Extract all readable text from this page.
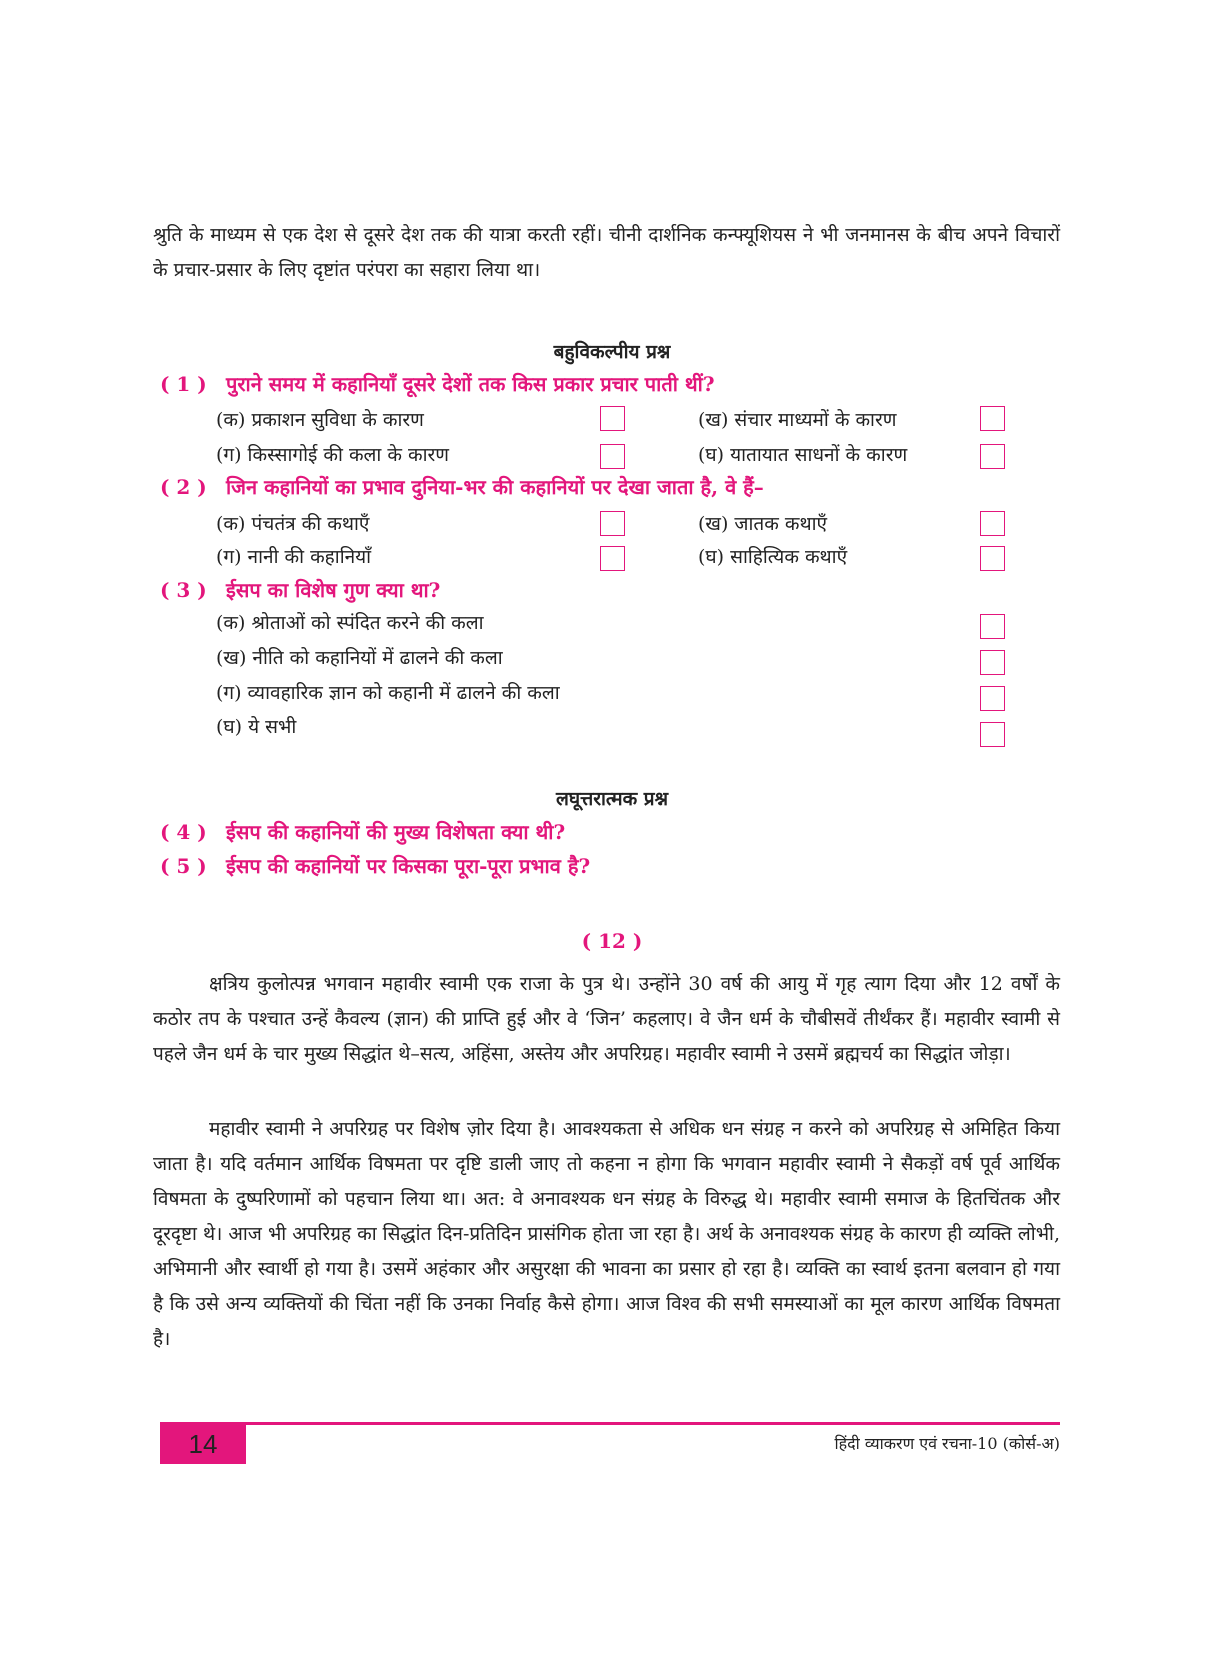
श्रुति के माध्यम से एक देश से दूसरे देश तक की यात्रा करती रहीं। चीनी दार्शनिक कन्फ्यूशियस ने भी जनमानस के बीच अपने विचारों के प्रचार-प्रसार के लिए दृष्टांत परंपरा का सहारा लिया था।

बहुविकल्पीय प्रश्न
( 1 ) पुराने समय में कहानियाँ दूसरे देशों तक किस प्रकार प्रचार पाती थीं?
(क) प्रकाशन सुविधा के कारण	(ख) संचार माध्यमों के कारण
(ग) किस्सागोई की कला के कारण	(घ) यातायात साधनों के कारण
( 2 ) जिन कहानियों का प्रभाव दुनिया-भर की कहानियों पर देखा जाता है, वे हैं–
(क) पंचतंत्र की कथाएँ	(ख) जातक कथाएँ
(ग) नानी की कहानियाँ	(घ) साहित्यिक कथाएँ
( 3 ) ईसप का विशेष गुण क्या था?
(क) श्रोताओं को स्पंदित करने की कला
(ख) नीति को कहानियों में ढालने की कला
(ग) व्यावहारिक ज्ञान को कहानी में ढालने की कला
(घ) ये सभी
लघूत्तरात्मक प्रश्न
( 4 ) ईसप की कहानियों की मुख्य विशेषता क्या थी?
( 5 ) ईसप की कहानियों पर किसका पूरा-पूरा प्रभाव है?
( 12 )

क्षत्रिय कुलोत्पन्न भगवान महावीर स्वामी एक राजा के पुत्र थे। उन्होंने 30 वर्ष की आयु में गृह त्याग दिया और 12 वर्षों के कठोर तप के पश्चात उन्हें कैवल्य (ज्ञान) की प्राप्ति हुई और वे ‘जिन’ कहलाए। वे जैन धर्म के चौबीसवें तीर्थंकर हैं। महावीर स्वामी से पहले जैन धर्म के चार मुख्य सिद्धांत थे–सत्य, अहिंसा, अस्तेय और अपरिग्रह। महावीर स्वामी ने उसमें ब्रह्मचर्य का सिद्धांत जोड़ा।

महावीर स्वामी ने अपरिग्रह पर विशेष ज़ोर दिया है। आवश्यकता से अधिक धन संग्रह न करने को अपरिग्रह से अमिहित किया जाता है। यदि वर्तमान आर्थिक विषमता पर दृष्टि डाली जाए तो कहना न होगा कि भगवान महावीर स्वामी ने सैकड़ों वर्ष पूर्व आर्थिक विषमता के दुष्परिणामों को पहचान लिया था। अत: वे अनावश्यक धन संग्रह के विरुद्ध थे। महावीर स्वामी समाज के हितचिंतक और दूरदृष्टा थे। आज भी अपरिग्रह का सिद्धांत दिन-प्रतिदिन प्रासंगिक होता जा रहा है। अर्थ के अनावश्यक संग्रह के कारण ही व्यक्ति लोभी, अभिमानी और स्वार्थी हो गया है। उसमें अहंकार और असुरक्षा की भावना का प्रसार हो रहा है। व्यक्ति का स्वार्थ इतना बलवान हो गया है कि उसे अन्य व्यक्तियों की चिंता नहीं कि उनका निर्वाह कैसे होगा। आज विश्व की सभी समस्याओं का मूल कारण आर्थिक विषमता है।

14	हिंदी व्याकरण एवं रचना-10 (कोर्स-अ)
